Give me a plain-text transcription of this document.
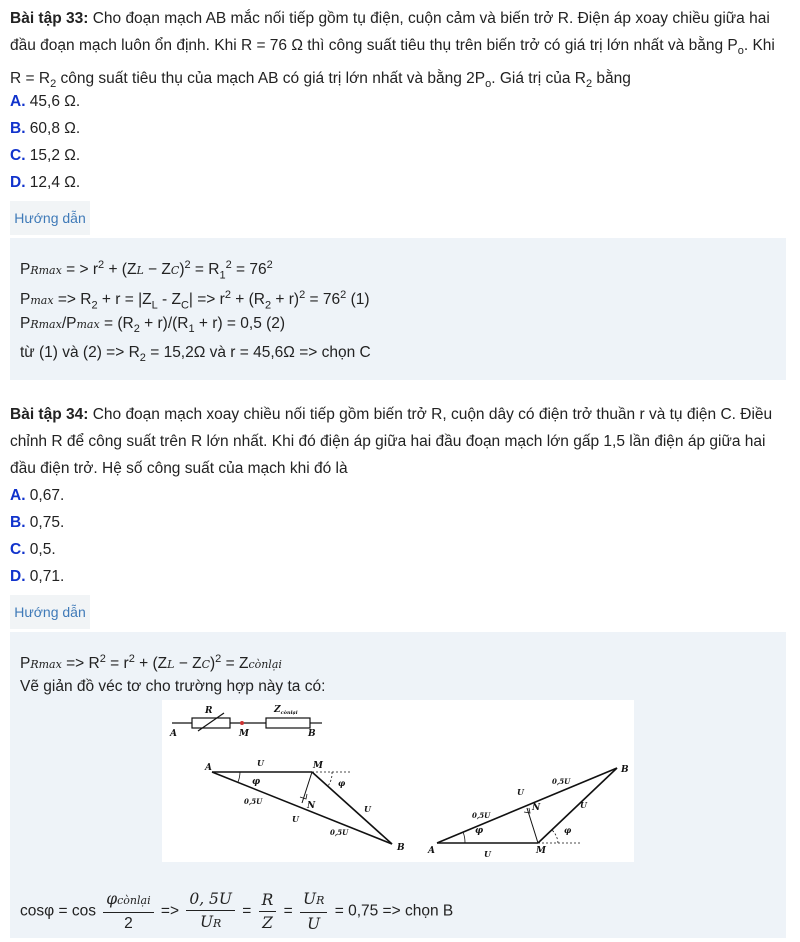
Bài tập 33: Cho đoạn mạch AB mắc nối tiếp gồm tụ điện, cuộn cảm và biến trở R. Điện áp xoay chiều giữa hai đầu đoạn mạch luôn ổn định. Khi R = 76 Ω thì công suất tiêu thụ trên biến trở có giá trị lớn nhất và bằng $P_o$. Khi $R = R_2$ công suất tiêu thụ của mạch AB có giá trị lớn nhất và bằng $2P_o$. Giá trị của $R_2$ bằng
A. 45,6 Ω.
B. 60,8 Ω.
C. 15,2 Ω.
D. 12,4 Ω.
Hướng dẫn
PRmax = > $r^2 + (ZL - ZC)^2 = R_1^2 = 76^2$
$Pmax => R_2 + r = |Z_L - Z_C| => r^2 + (R_2 + r)^2 = 76^2$ (1)
$PRmax/Pmax = (R_2 + r)/(R_1 + r) = 0,5$ (2)
từ (1) và $(2) => R_2 = 15,2\Omega$ và r = 45,6Ω => chọn C
Bài tập 34: Cho đoạn mạch xoay chiều nối tiếp gồm biến trở R, cuộn dây có điện trở thuần r và tụ điện C. Điều chỉnh R để công suất trên R lớn nhất. Khi đó điện áp giữa hai đầu đoạn mạch lớn gấp 1,5 lần điện áp giữa hai đầu điện trở. Hệ số công suất của mạch khi đó là
A. 0,67.
B. 0,75.
C. 0,5.
D. 0,71.
Hướng dẫn
$PRmax => R^2 = r^2 + (ZL - ZC)^2$ = Zcònlại
Vẽ giản đồ véc tơ cho trường hợp này ta có:
$\cos\varphi = \cos \frac{\text{φcònlại}}{2} => \frac{0, 5U}{UR} = \frac{R}{Z} = \frac{UR}{U} = 0,75$ => chọn B
R	$Z_{cònlại}$
A	M	B
A	M
N
B
φ
U
U
0,5U
0,5U
φ
U
A	M
N
B
φ
U
U
0,5U
0,5U
φ
U
